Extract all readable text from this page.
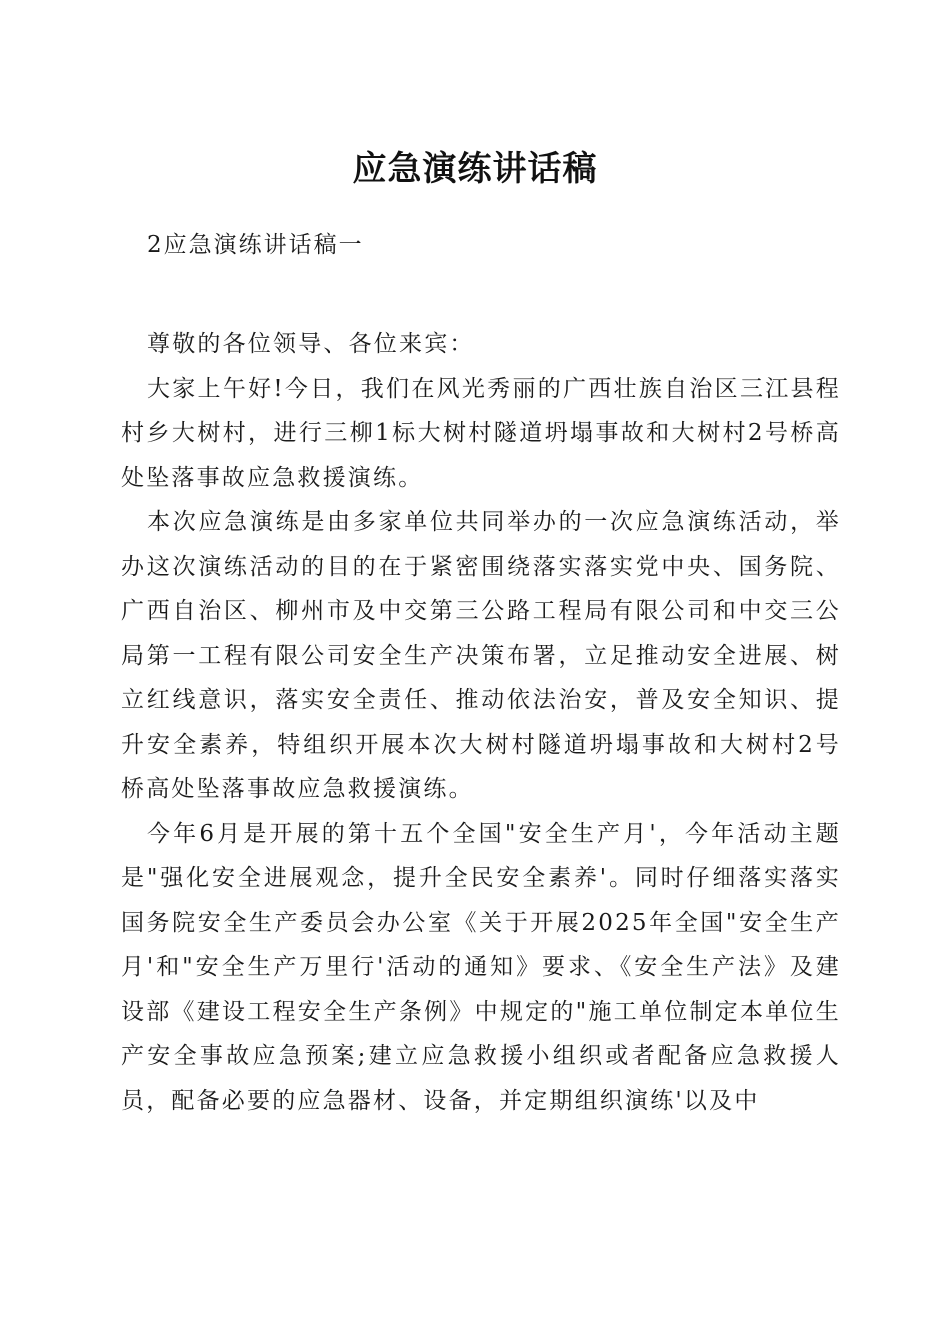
应急演练讲话稿
2应急演练讲话稿一

尊敬的各位领导、各位来宾：

大家上午好!今日，我们在风光秀丽的广西壮族自治区三江县程村乡大树村，进行三柳1标大树村隧道坍塌事故和大树村2号桥高处坠落事故应急救援演练。

本次应急演练是由多家单位共同举办的一次应急演练活动，举办这次演练活动的目的在于紧密围绕落实落实党中央、国务院、广西自治区、柳州市及中交第三公路工程局有限公司和中交三公局第一工程有限公司安全生产决策布署，立足推动安全进展、树立红线意识，落实安全责任、推动依法治安，普及安全知识、提升安全素养，特组织开展本次大树村隧道坍塌事故和大树村2号桥高处坠落事故应急救援演练。

今年6月是开展的第十五个全国"安全生产月'，今年活动主题是"强化安全进展观念，提升全民安全素养'。同时仔细落实落实国务院安全生产委员会办公室《关于开展2025年全国"安全生产月'和"安全生产万里行'活动的通知》要求、《安全生产法》及建设部《建设工程安全生产条例》中规定的"施工单位制定本单位生产安全事故应急预案;建立应急救援小组织或者配备应急救援人员，配备必要的应急器材、设备，并定期组织演练'以及中
